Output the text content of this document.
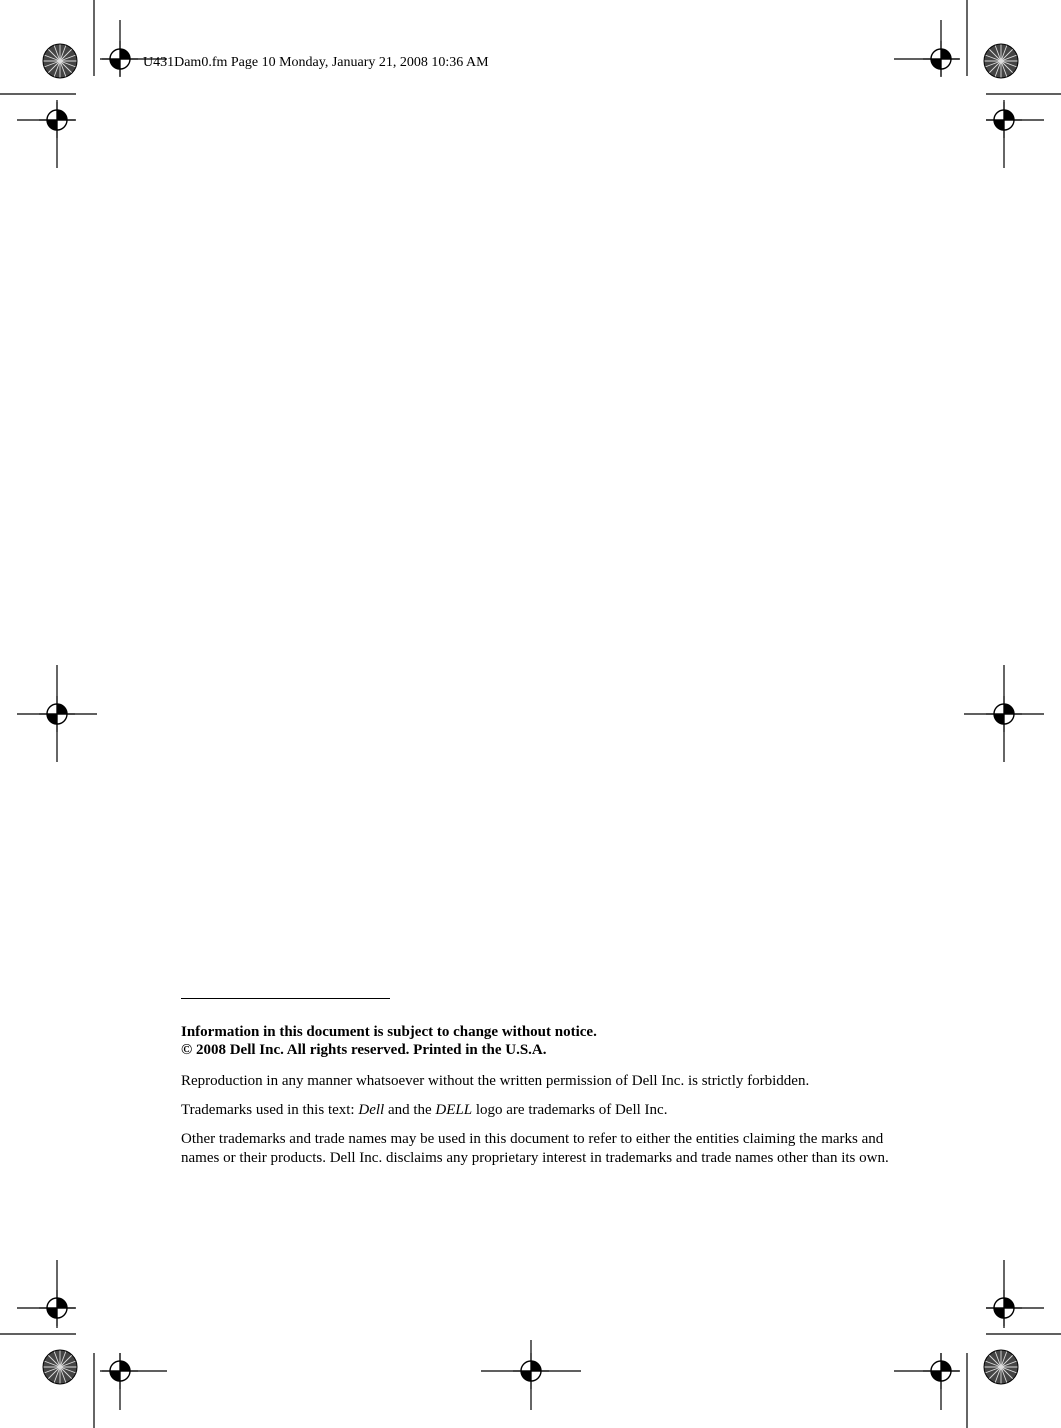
U431Dam0.fm Page 10 Monday, January 21, 2008 10:36 AM

Information in this document is subject to change without notice.

© 2008 Dell Inc. All rights reserved. Printed in the U.S.A.

Reproduction in any manner whatsoever without the written permission of Dell Inc. is strictly forbidden.

Trademarks used in this text: Dell and the DELL logo are trademarks of Dell Inc.

Other trademarks and trade names may be used in this document to refer to either the entities claiming the marks and names or their products. Dell Inc. disclaims any proprietary interest in trademarks and trade names other than its own.
